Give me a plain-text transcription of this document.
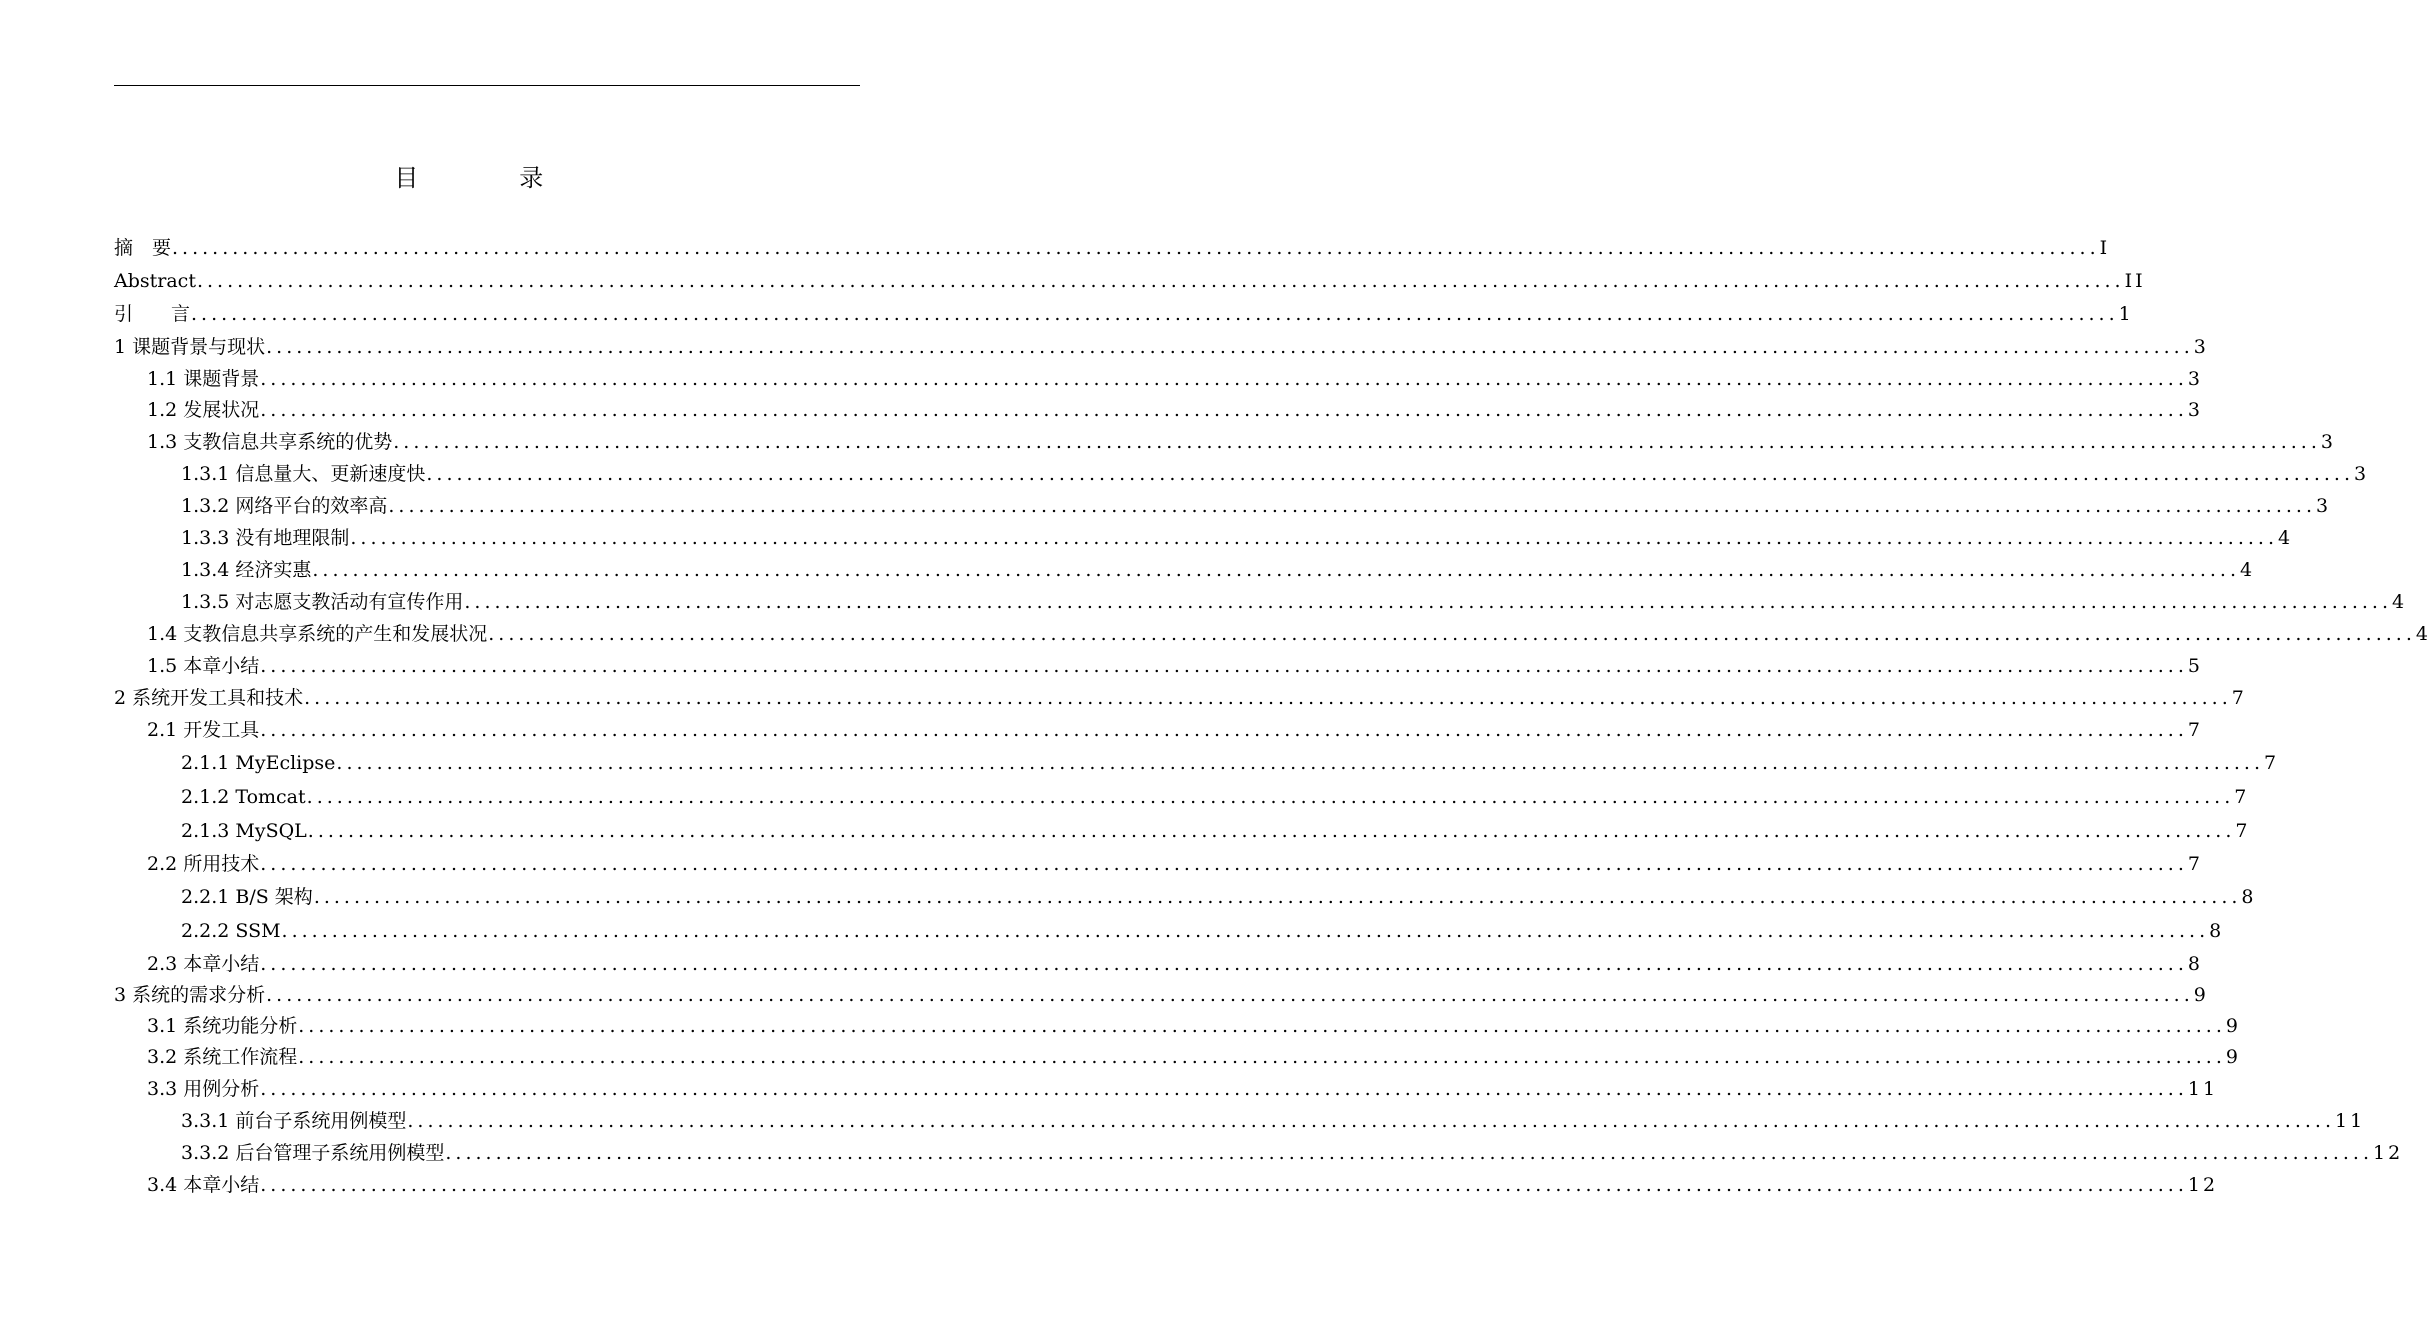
目　录
摘　要 .....	I
Abstract .....	II
引　　言 .....	1
1 课题背景与现状 .....	3
1.1 课题背景 .....	3
1.2 发展状况 .....	3
1.3 支教信息共享系统的优势 .....	3
1.3.1 信息量大、更新速度快 .....	3
1.3.2 网络平台的效率高 .....	3
1.3.3 没有地理限制 .....	4
1.3.4 经济实惠 .....	4
1.3.5 对志愿支教活动有宣传作用 .....	4
1.4 支教信息共享系统的产生和发展状况 .....	4
1.5 本章小结 .....	5
2 系统开发工具和技术 .....	7
2.1 开发工具 .....	7
2.1.1 MyEclipse .....	7
2.1.2 Tomcat .....	7
2.1.3 MySQL .....	7
2.2 所用技术 .....	7
2.2.1 B/S 架构 .....	8
2.2.2 SSM .....	8
2.3 本章小结 .....	8
3 系统的需求分析 .....	9
3.1 系统功能分析 .....	9
3.2 系统工作流程 .....	9
3.3 用例分析 .....	11
3.3.1 前台子系统用例模型 .....	11
3.3.2 后台管理子系统用例模型 .....	12
3.4 本章小结 .....	12
